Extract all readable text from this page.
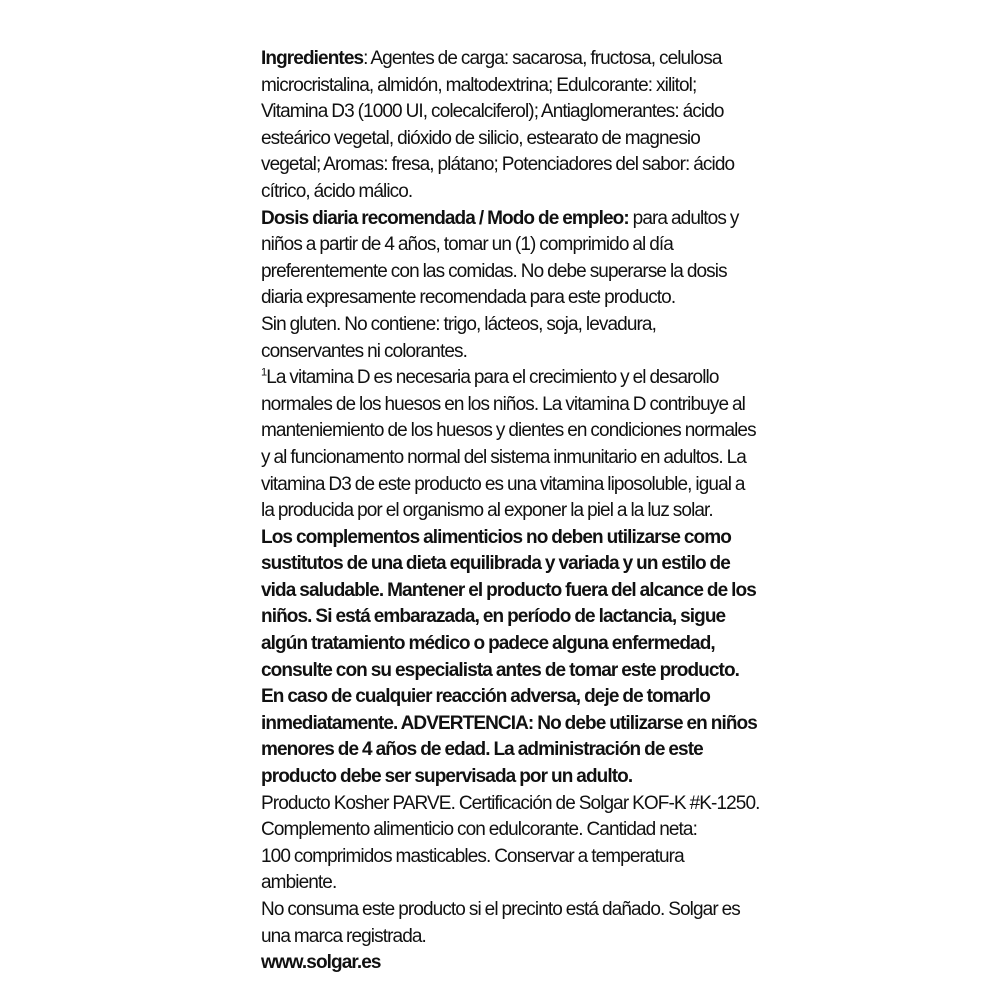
Ingredientes: Agentes de carga: sacarosa, fructosa, celulosa microcristalina, almidón, maltodextrina; Edulcorante: xilitol; Vitamina D3 (1000 UI, colecalciferol); Antiaglomerantes: ácido esteárico vegetal, dióxido de silicio, estearato de magnesio vegetal; Aromas: fresa, plátano; Potenciadores del sabor: ácido cítrico, ácido málico.

Dosis diaria recomendada / Modo de empleo: para adultos y niños a partir de 4 años, tomar un (1) comprimido al día preferentemente con las comidas. No debe superarse la dosis diaria expresamente recomendada para este producto.

Sin gluten. No contiene: trigo, lácteos, soja, levadura, conservantes ni colorantes.

$^1$La vitamina D es necesaria para el crecimiento y el desarollo normales de los huesos en los niños. La vitamina D contribuye al manteniemiento de los huesos y dientes en condiciones normales y al funcionamento normal del sistema inmunitario en adultos. La vitamina D3 de este producto es una vitamina liposoluble, igual a la producida por el organismo al exponer la piel a la luz solar.

Los complementos alimenticios no deben utilizarse como sustitutos de una dieta equilibrada y variada y un estilo de vida saludable. Mantener el producto fuera del alcance de los niños. Si está embarazada, en período de lactancia, sigue algún tratamiento médico o padece alguna enfermedad, consulte con su especialista antes de tomar este producto. En caso de cualquier reacción adversa, deje de tomarlo inmediatamente. ADVERTENCIA: No debe utilizarse en niños menores de 4 años de edad. La administración de este producto debe ser supervisada por un adulto.

Producto Kosher PARVE. Certificación de Solgar KOF-K #K-1250.

Complemento alimenticio con edulcorante. Cantidad neta:

100 comprimidos masticables. Conservar a temperatura ambiente.

No consuma este producto si el precinto está dañado. Solgar es una marca registrada.

www.solgar.es
